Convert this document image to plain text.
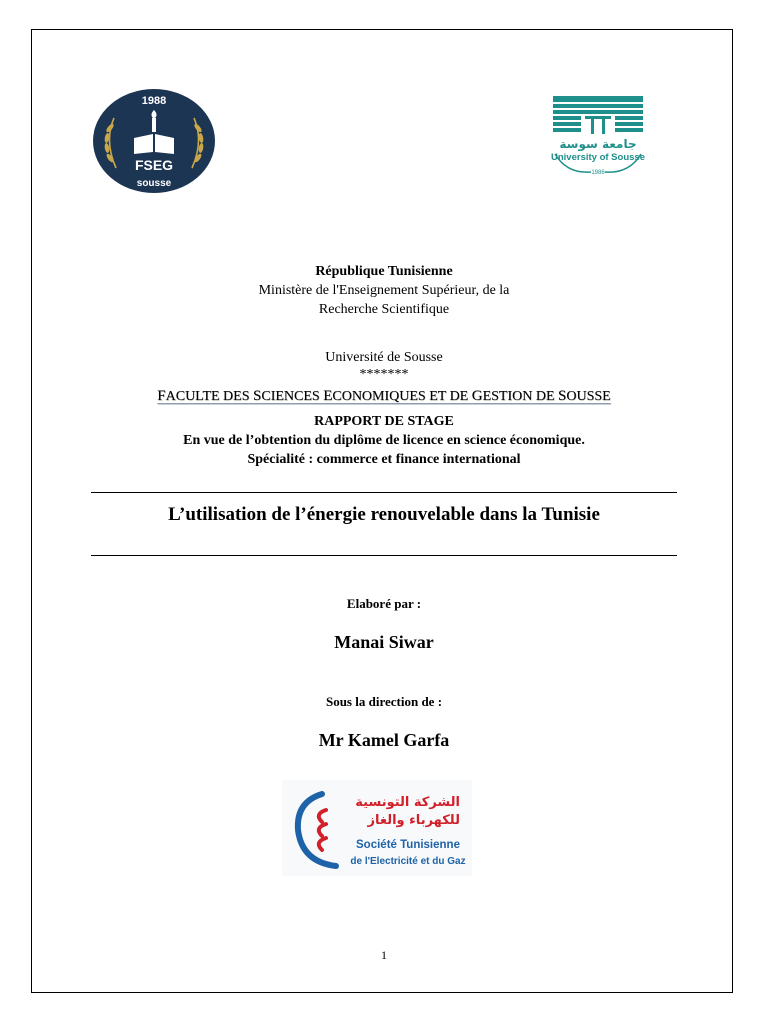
1988
FSEG
sousse
جامعة سوسة
University of Sousse
1986
République Tunisienne
Ministère de l'Enseignement Supérieur, de la
Recherche Scientifique
Université de Sousse
*******
FACULTE DES SCIENCES ECONOMIQUES ET DE GESTION DE SOUSSE
RAPPORT DE STAGE
En vue de l’obtention du diplôme de licence en science économique.
Spécialité : commerce et finance international
L’utilisation de l’énergie renouvelable dans la Tunisie
Elaboré par :
Manai Siwar
Sous la direction de :
Mr Kamel Garfa
الشركة التونسية
للكهرباء والغاز
Société Tunisienne
de l'Electricité et du Gaz
1
